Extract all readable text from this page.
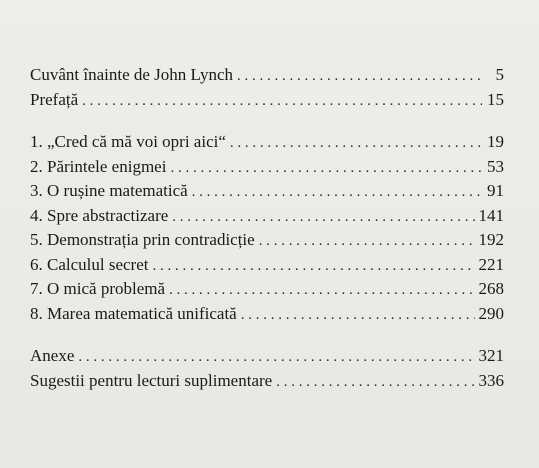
Cuvânt înainte de John Lynch . . .	5
Prefață . . .	15
1. „Cred că mă voi opri aici“ . . .	19
2. Părintele enigmei . . .	53
3. O rușine matematică . . .	91
4. Spre abstractizare . . .	141
5. Demonstrația prin contradicție . . .	192
6. Calculul secret . . .	221
7. O mică problemă . . .	268
8. Marea matematică unificată . . .	290
Anexe . . .	321
Sugestii pentru lecturi suplimentare . . .	336
